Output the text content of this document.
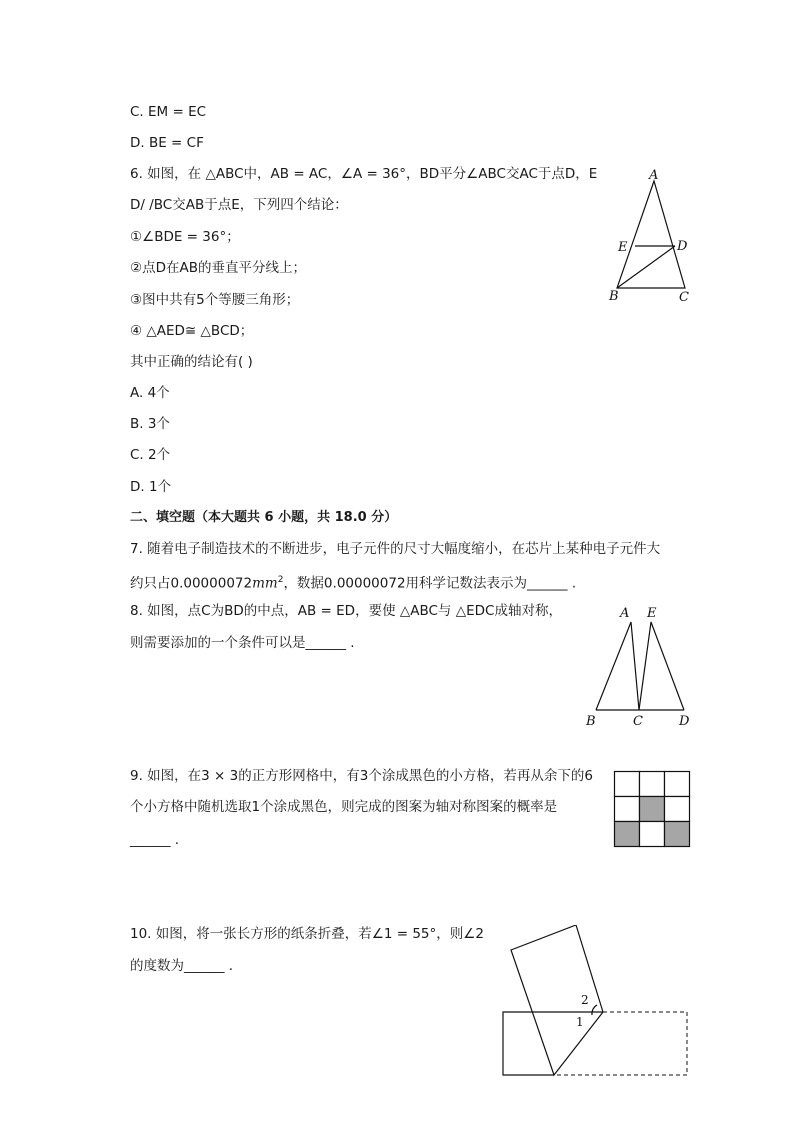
C. EM = EC
D. BE = CF
6. 如图，在 △ABC中，AB = AC，∠A = 36°，BD平分∠ABC交AC于点D，E
D/ /BC交AB于点E，下列四个结论：
①∠BDE = 36°；
②点D在AB的垂直平分线上；
③图中共有5个等腰三角形；
④ △AED≅ △BCD；
其中正确的结论有( )
A. 4个
B. 3个
C. 2个
D. 1个
A
B	C
D
E
二、填空题（本大题共 6 小题，共 18.0 分）
7. 随着电子制造技术的不断进步，电子元件的尺寸大幅度缩小，在芯片上某种电子元件大
约只占$0.00000072mm^2$，数据0.00000072用科学记数法表示为______ .
8. 如图，点C为BD的中点，AB = ED，要使 △ABC与 △EDC成轴对称，
则需要添加的一个条件可以是______ .
A E
B	C	D
9. 如图，在3 × 3的正方形网格中，有3个涂成黑色的小方格，若再从余下的6
个小方格中随机选取1个涂成黑色，则完成的图案为轴对称图案的概率是
______ .
10. 如图，将一张长方形的纸条折叠，若∠1 = 55°，则∠2
的度数为______ .
2
1
